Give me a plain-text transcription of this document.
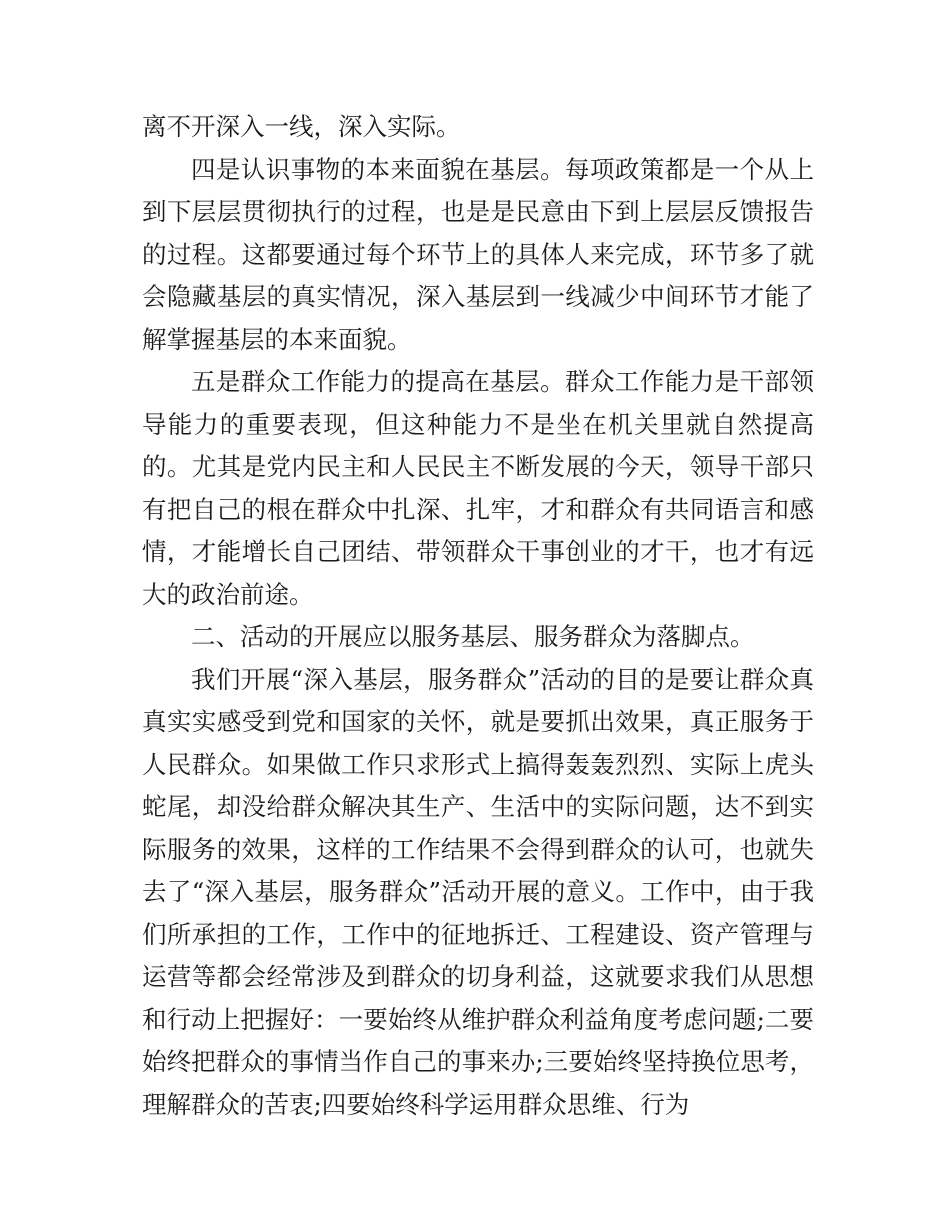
离不开深入一线，深入实际。

四是认识事物的本来面貌在基层。每项政策都是一个从上到下层层贯彻执行的过程，也是是民意由下到上层层反馈报告的过程。这都要通过每个环节上的具体人来完成，环节多了就会隐藏基层的真实情况，深入基层到一线减少中间环节才能了解掌握基层的本来面貌。

五是群众工作能力的提高在基层。群众工作能力是干部领导能力的重要表现，但这种能力不是坐在机关里就自然提高的。尤其是党内民主和人民民主不断发展的今天，领导干部只有把自己的根在群众中扎深、扎牢，才和群众有共同语言和感情，才能增长自己团结、带领群众干事创业的才干，也才有远大的政治前途。

二、活动的开展应以服务基层、服务群众为落脚点。

我们开展“深入基层，服务群众”活动的目的是要让群众真真实实感受到党和国家的关怀，就是要抓出效果，真正服务于人民群众。如果做工作只求形式上搞得轰轰烈烈、实际上虎头蛇尾，却没给群众解决其生产、生活中的实际问题，达不到实际服务的效果，这样的工作结果不会得到群众的认可，也就失去了“深入基层，服务群众”活动开展的意义。工作中，由于我们所承担的工作，工作中的征地拆迁、工程建设、资产管理与运营等都会经常涉及到群众的切身利益，这就要求我们从思想和行动上把握好：一要始终从维护群众利益角度考虑问题;二要始终把群众的事情当作自己的事来办;三要始终坚持换位思考，理解群众的苦衷;四要始终科学运用群众思维、行为
